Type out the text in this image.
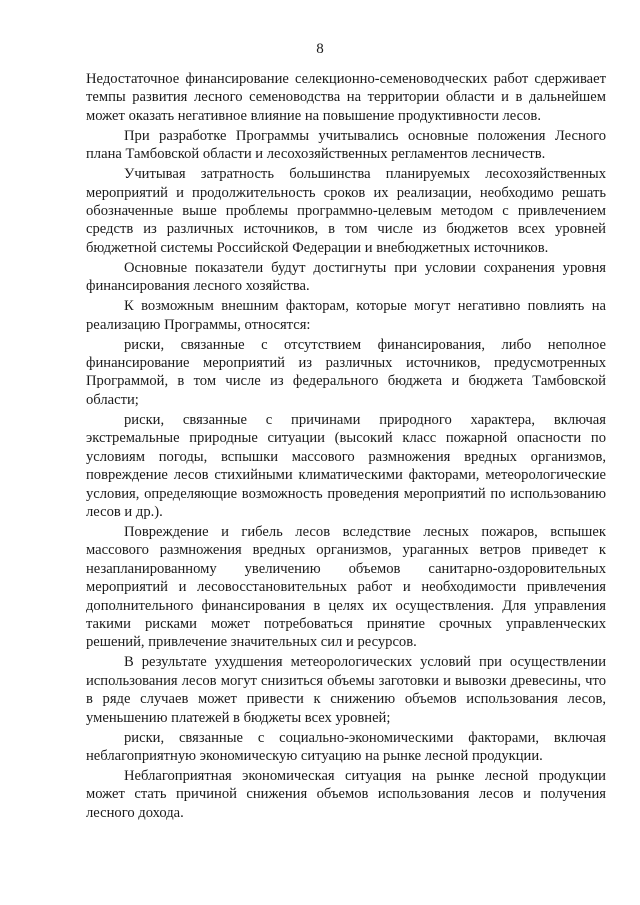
8

Недостаточное финансирование селекционно-семеноводческих работ сдерживает темпы развития лесного семеноводства на территории области и в дальнейшем может оказать негативное влияние на повышение продуктивности лесов.

При разработке Программы учитывались основные положения Лесного плана Тамбовской области и лесохозяйственных регламентов лесничеств.

Учитывая затратность большинства планируемых лесохозяйственных мероприятий и продолжительность сроков их реализации, необходимо решать обозначенные выше проблемы программно-целевым методом с привлечением средств из различных источников, в том числе из бюджетов всех уровней бюджетной системы Российской Федерации и внебюджетных источников.

Основные показатели будут достигнуты при условии сохранения уровня финансирования лесного хозяйства.

К возможным внешним факторам, которые могут негативно повлиять на реализацию Программы, относятся:

риски, связанные с отсутствием финансирования, либо неполное финансирование мероприятий из различных источников, предусмотренных Программой, в том числе из федерального бюджета и бюджета Тамбовской области;

риски, связанные с причинами природного характера, включая экстремальные природные ситуации (высокий класс пожарной опасности по условиям погоды, вспышки массового размножения вредных организмов, повреждение лесов стихийными климатическими факторами, метеорологические условия, определяющие возможность проведения мероприятий по использованию лесов и др.).

Повреждение и гибель лесов вследствие лесных пожаров, вспышек массового размножения вредных организмов, ураганных ветров приведет к незапланированному увеличению объемов санитарно-оздоровительных мероприятий и лесовосстановительных работ и необходимости привлечения дополнительного финансирования в целях их осуществления. Для управления такими рисками может потребоваться принятие срочных управленческих решений, привлечение значительных сил и ресурсов.

В результате ухудшения метеорологических условий при осуществлении использования лесов могут снизиться объемы заготовки и вывозки древесины, что в ряде случаев может привести к снижению объемов использования лесов, уменьшению платежей в бюджеты всех уровней;

риски, связанные с социально-экономическими факторами, включая неблагоприятную экономическую ситуацию на рынке лесной продукции.

Неблагоприятная экономическая ситуация на рынке лесной продукции может стать причиной снижения объемов использования лесов и получения лесного дохода.
